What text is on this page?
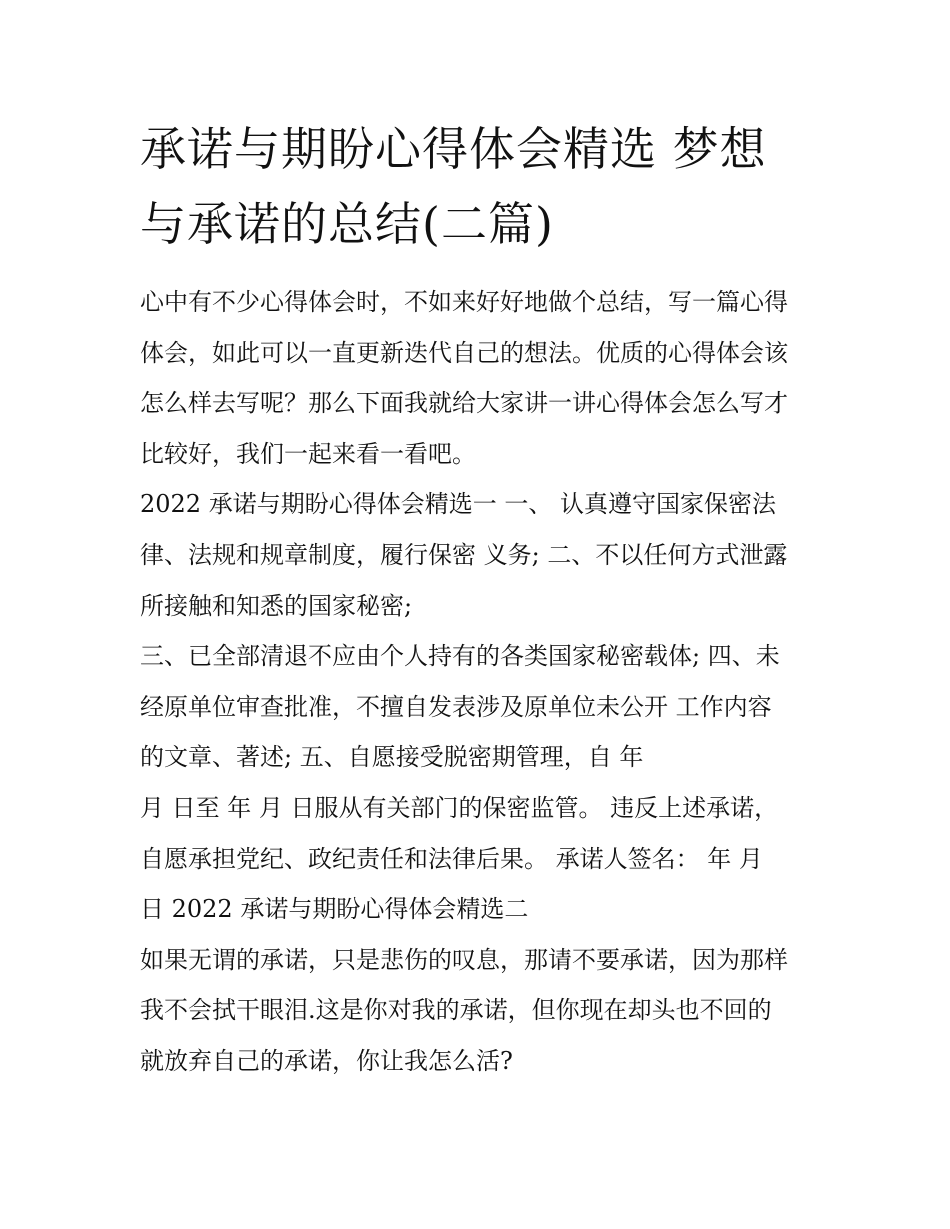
承诺与期盼心得体会精选 梦想
与承诺的总结(二篇)
心中有不少心得体会时，不如来好好地做个总结，写一篇心得
体会，如此可以一直更新迭代自己的想法。优质的心得体会该
怎么样去写呢？那么下面我就给大家讲一讲心得体会怎么写才
比较好，我们一起来看一看吧。
2022 承诺与期盼心得体会精选一 一、 认真遵守国家保密法
律、法规和规章制度，履行保密 义务; 二、不以任何方式泄露
所接触和知悉的国家秘密;
三、已全部清退不应由个人持有的各类国家秘密载体; 四、未
经原单位审查批准，不擅自发表涉及原单位未公开 工作内容
的文章、著述; 五、自愿接受脱密期管理，自 年
月 日至 年 月 日服从有关部门的保密监管。 违反上述承诺，
自愿承担党纪、政纪责任和法律后果。 承诺人签名： 年 月
日 2022 承诺与期盼心得体会精选二
如果无谓的承诺，只是悲伤的叹息，那请不要承诺，因为那样
我不会拭干眼泪.这是你对我的承诺，但你现在却头也不回的
就放弃自己的承诺，你让我怎么活?
